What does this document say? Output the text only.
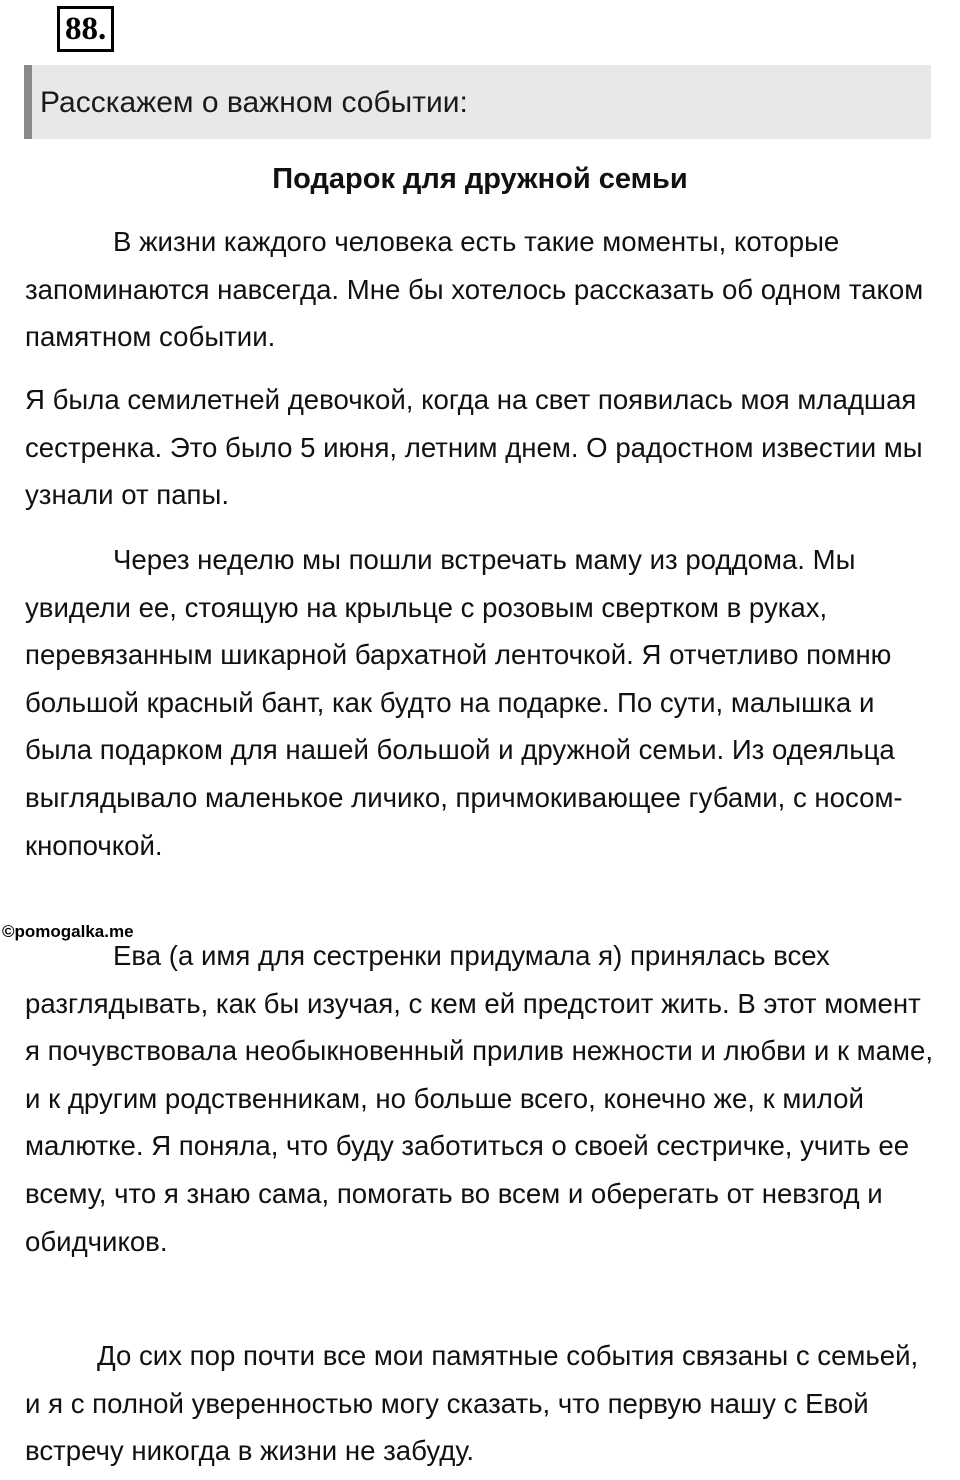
88.
Расскажем о важном событии:
Подарок для дружной семьи

В жизни каждого человека есть такие моменты, которые запоминаются навсегда. Мне бы хотелось рассказать об одном таком памятном событии.

Я была семилетней девочкой, когда на свет появилась моя младшая сестренка. Это было 5 июня, летним днем. О радостном известии мы узнали от папы.

Через неделю мы пошли встречать маму из роддома. Мы увидели ее, стоящую на крыльце с розовым свертком в руках, перевязанным шикарной бархатной ленточкой. Я отчетливо помню большой красный бант, как будто на подарке. По сути, малышка и была подарком для нашей большой и дружной семьи. Из одеяльца выглядывало маленькое личико, причмокивающее губами, с носом-кнопочкой.

©pomogalka.me

Ева (а имя для сестренки придумала я) принялась всех разглядывать, как бы изучая, с кем ей предстоит жить. В этот момент я почувствовала необыкновенный прилив нежности и любви и к маме, и к другим родственникам, но больше всего, конечно же, к милой малютке. Я поняла, что буду заботиться о своей сестричке, учить ее всему, что я знаю сама, помогать во всем и оберегать от невзгод и обидчиков.

До сих пор почти все мои памятные события связаны с семьей, и я с полной уверенностью могу сказать, что первую нашу с Евой встречу никогда в жизни не забуду.
